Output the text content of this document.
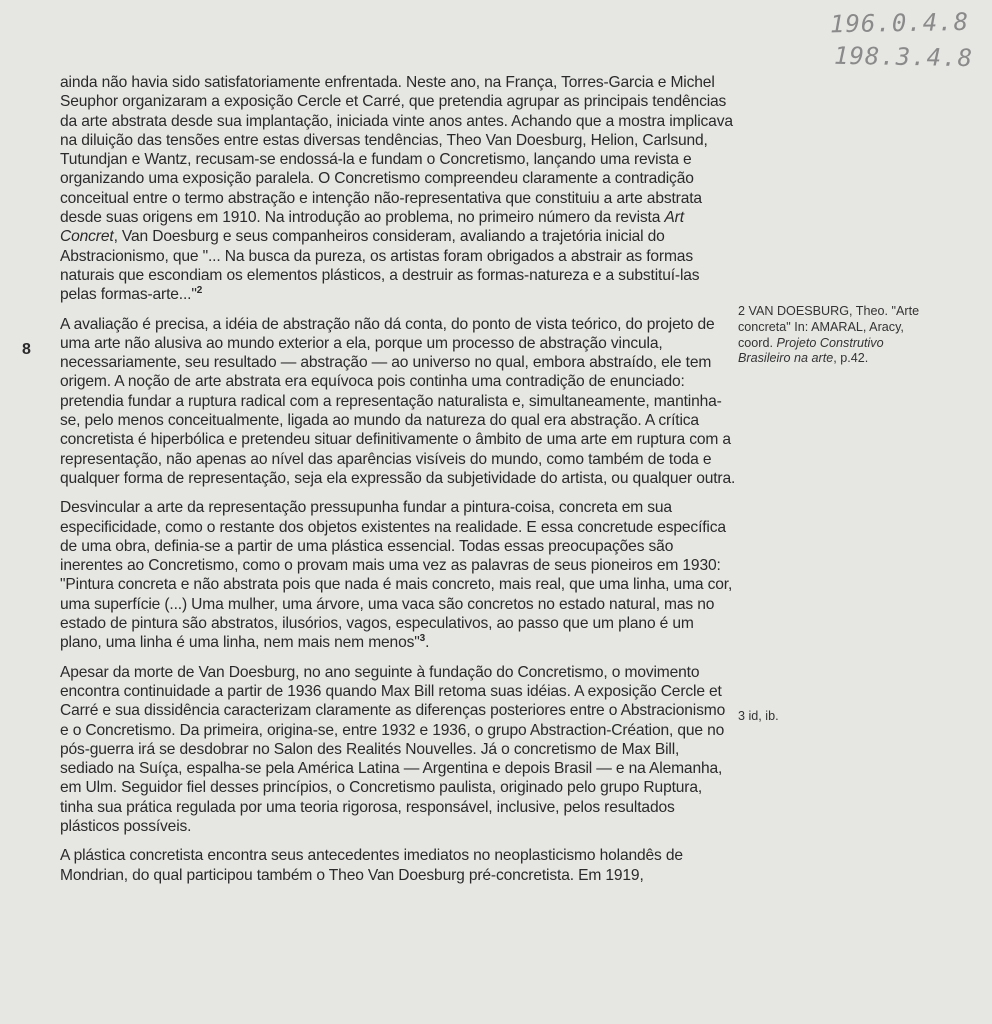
196.0.4.8
198.3.4.8
8

ainda não havia sido satisfatoriamente enfrentada. Neste ano, na França, Torres-Garcia e Michel Seuphor organizaram a exposição Cercle et Carré, que pretendia agrupar as principais tendências da arte abstrata desde sua implantação, iniciada vinte anos antes. Achando que a mostra implicava na diluição das tensões entre estas diversas tendências, Theo Van Doesburg, Helion, Carlsund, Tutundjan e Wantz, recusam-se endossá-la e fundam o Concretismo, lançando uma revista e organizando uma exposição paralela. O Concretismo compreendeu claramente a contradição conceitual entre o termo abstração e intenção não-representativa que constituiu a arte abstrata desde suas origens em 1910. Na introdução ao problema, no primeiro número da revista Art Concret, Van Doesburg e seus companheiros consideram, avaliando a trajetória inicial do Abstracionismo, que "... Na busca da pureza, os artistas foram obrigados a abstrair as formas naturais que escondiam os elementos plásticos, a destruir as formas-natureza e a substituí-las pelas formas-arte..."$^2$

A avaliação é precisa, a idéia de abstração não dá conta, do ponto de vista teórico, do projeto de uma arte não alusiva ao mundo exterior a ela, porque um processo de abstração vincula, necessariamente, seu resultado — abstração — ao universo no qual, embora abstraído, ele tem origem. A noção de arte abstrata era equívoca pois continha uma contradição de enunciado: pretendia fundar a ruptura radical com a representação naturalista e, simultaneamente, mantinha-se, pelo menos conceitualmente, ligada ao mundo da natureza do qual era abstração. A crítica concretista é hiperbólica e pretendeu situar definitivamente o âmbito de uma arte em ruptura com a representação, não apenas ao nível das aparências visíveis do mundo, como também de toda e qualquer forma de representação, seja ela expressão da subjetividade do artista, ou qualquer outra.

Desvincular a arte da representação pressupunha fundar a pintura-coisa, concreta em sua especificidade, como o restante dos objetos existentes na realidade. E essa concretude específica de uma obra, definia-se a partir de uma plástica essencial. Todas essas preocupações são inerentes ao Concretismo, como o provam mais uma vez as palavras de seus pioneiros em 1930: "Pintura concreta e não abstrata pois que nada é mais concreto, mais real, que uma linha, uma cor, uma superfície (...) Uma mulher, uma árvore, uma vaca são concretos no estado natural, mas no estado de pintura são abstratos, ilusórios, vagos, especulativos, ao passo que um plano é um plano, uma linha é uma linha, nem mais nem menos"$^3$.

Apesar da morte de Van Doesburg, no ano seguinte à fundação do Concretismo, o movimento encontra continuidade a partir de 1936 quando Max Bill retoma suas idéias. A exposição Cercle et Carré e sua dissidência caracterizam claramente as diferenças posteriores entre o Abstracionismo e o Concretismo. Da primeira, origina-se, entre 1932 e 1936, o grupo Abstraction-Création, que no pós-guerra irá se desdobrar no Salon des Realités Nouvelles. Já o concretismo de Max Bill, sediado na Suíça, espalha-se pela América Latina — Argentina e depois Brasil — e na Alemanha, em Ulm. Seguidor fiel desses princípios, o Concretismo paulista, originado pelo grupo Ruptura, tinha sua prática regulada por uma teoria rigorosa, responsável, inclusive, pelos resultados plásticos possíveis.

A plástica concretista encontra seus antecedentes imediatos no neoplasticismo holandês de Mondrian, do qual participou também o Theo Van Doesburg pré-concretista. Em 1919,

2 VAN DOESBURG, Theo. "Arte concreta" In: AMARAL, Aracy, coord. Projeto Construtivo Brasileiro na arte, p.42.
3 id, ib.
